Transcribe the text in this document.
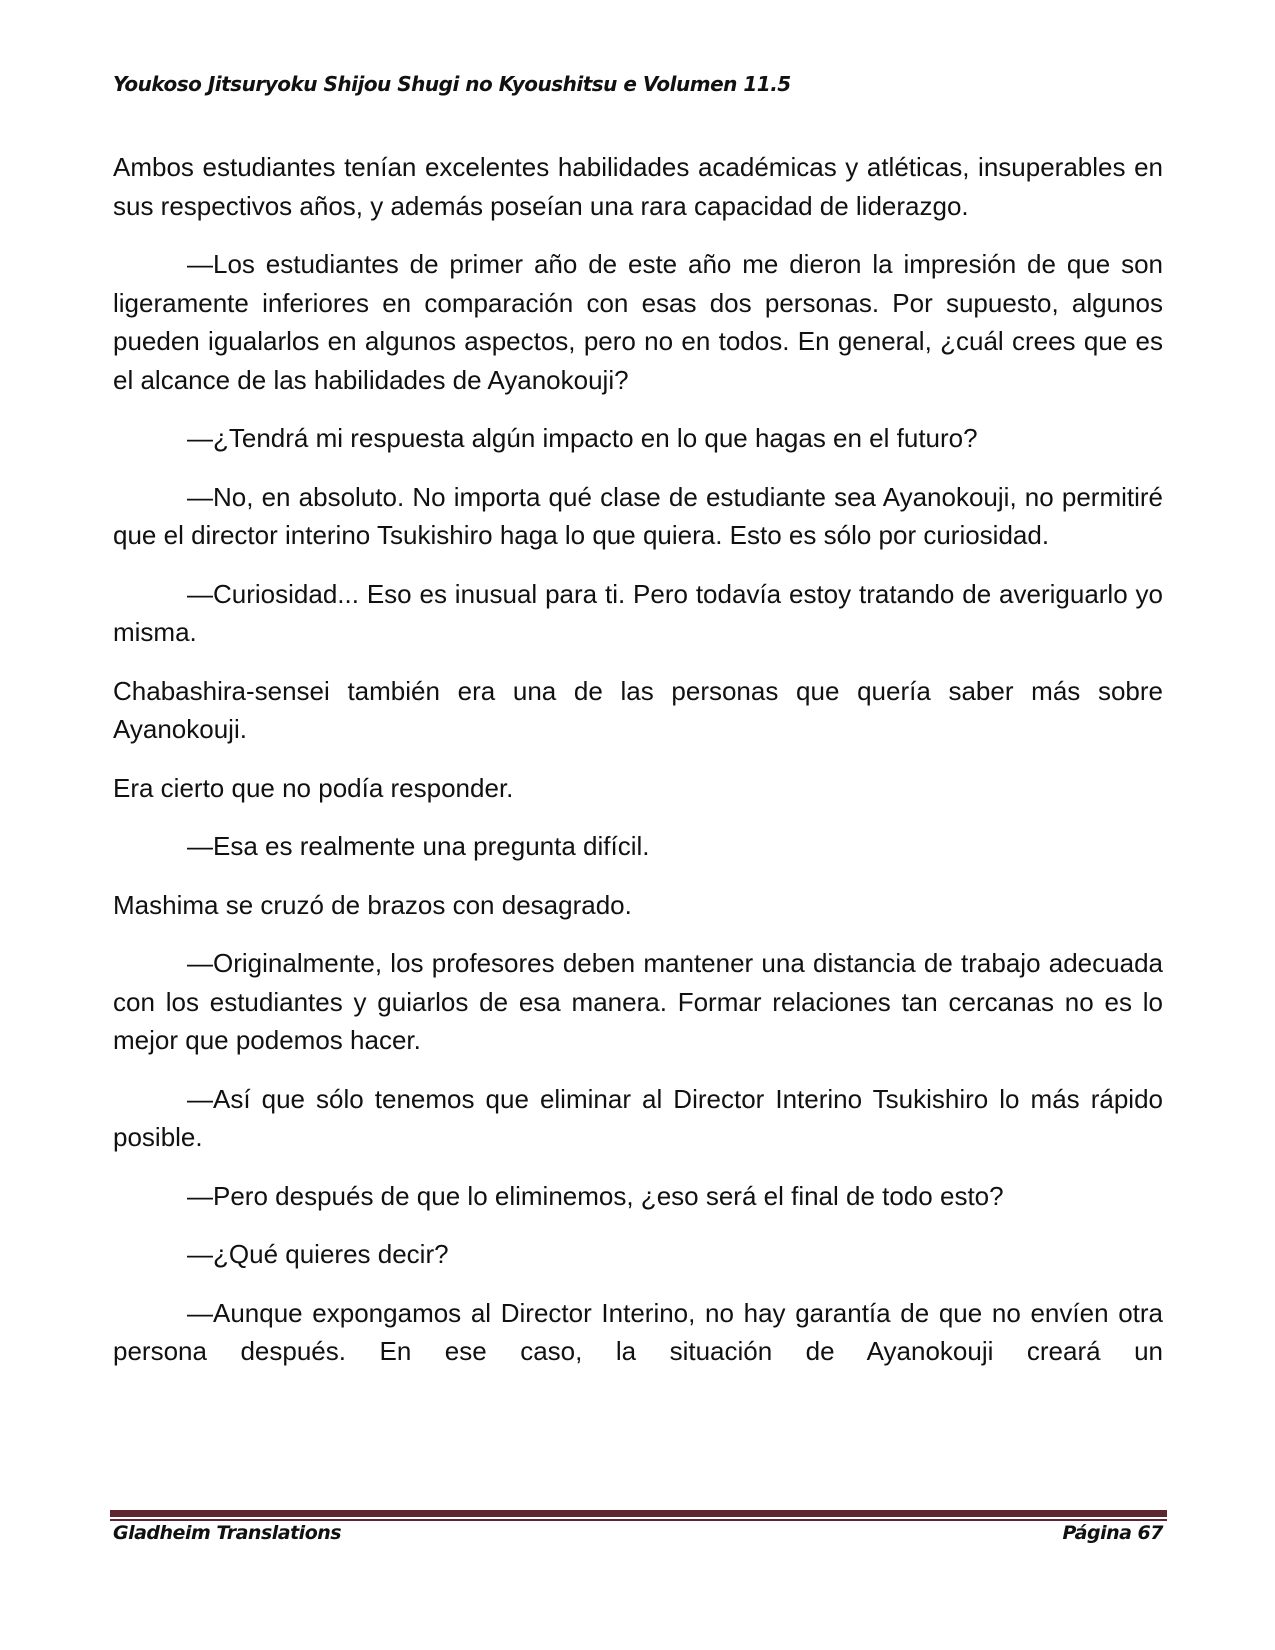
Youkoso Jitsuryoku Shijou Shugi no Kyoushitsu e Volumen 11.5

Ambos estudiantes tenían excelentes habilidades académicas y atléticas, insuperables en sus respectivos años, y además poseían una rara capacidad de liderazgo.

—Los estudiantes de primer año de este año me dieron la impresión de que son ligeramente inferiores en comparación con esas dos personas. Por supuesto, algunos pueden igualarlos en algunos aspectos, pero no en todos. En general, ¿cuál crees que es el alcance de las habilidades de Ayanokouji?

—¿Tendrá mi respuesta algún impacto en lo que hagas en el futuro?

—No, en absoluto. No importa qué clase de estudiante sea Ayanokouji, no permitiré que el director interino Tsukishiro haga lo que quiera. Esto es sólo por curiosidad.

—Curiosidad... Eso es inusual para ti. Pero todavía estoy tratando de averiguarlo yo misma.

Chabashira-sensei también era una de las personas que quería saber más sobre Ayanokouji.

Era cierto que no podía responder.

—Esa es realmente una pregunta difícil.

Mashima se cruzó de brazos con desagrado.

—Originalmente, los profesores deben mantener una distancia de trabajo adecuada con los estudiantes y guiarlos de esa manera. Formar relaciones tan cercanas no es lo mejor que podemos hacer.

—Así que sólo tenemos que eliminar al Director Interino Tsukishiro lo más rápido posible.

—Pero después de que lo eliminemos, ¿eso será el final de todo esto?

—¿Qué quieres decir?

—Aunque expongamos al Director Interino, no hay garantía de que no envíen otra persona después. En ese caso, la situación de Ayanokouji creará un

Gladheim Translations	Página 67
